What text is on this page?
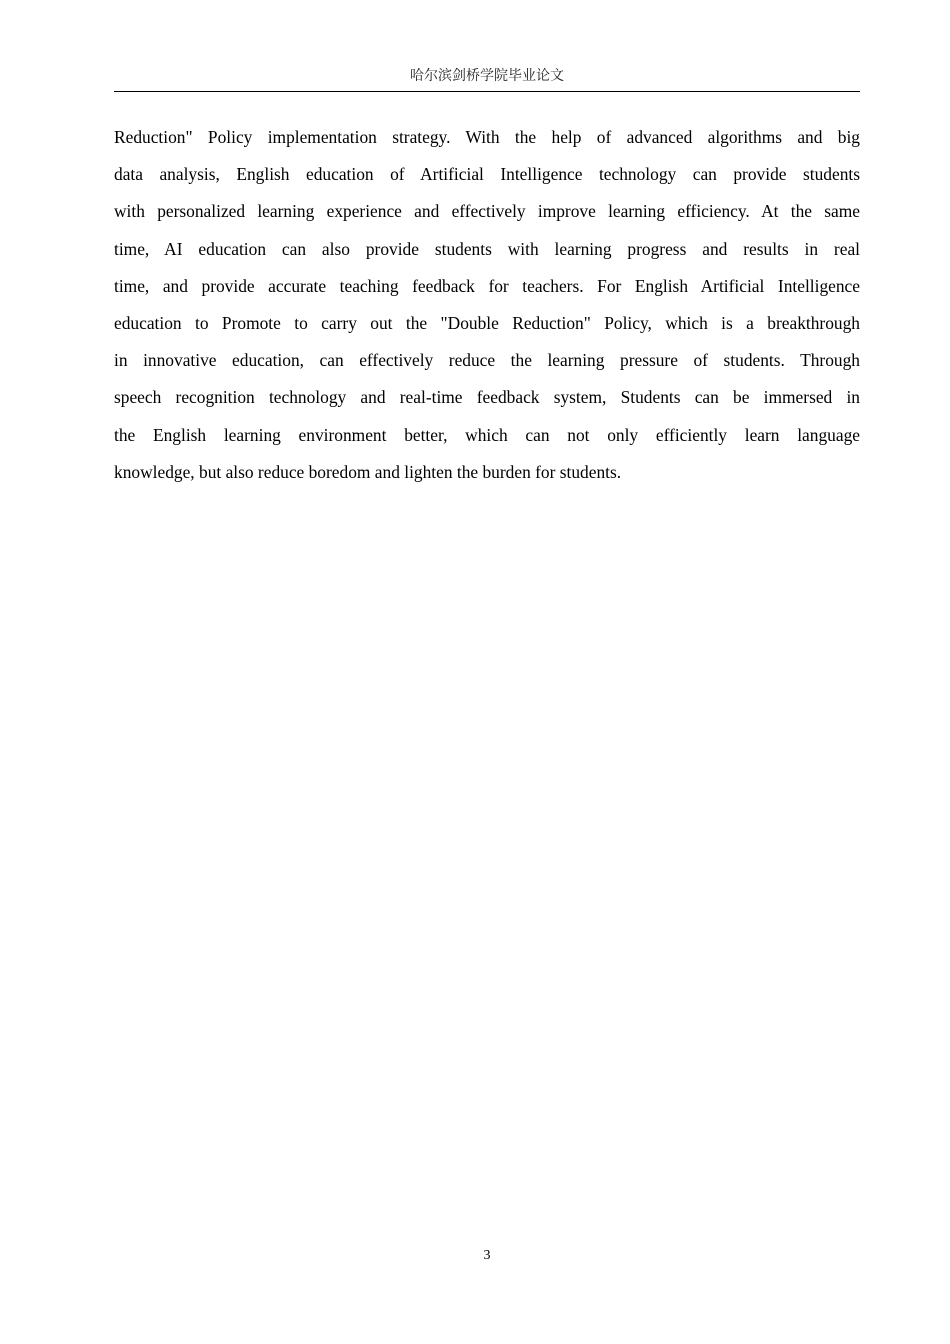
哈尔滨剑桥学院毕业论文
Reduction" Policy implementation strategy. With the help of advanced algorithms and big
data analysis, English education of Artificial Intelligence technology can provide students
with personalized learning experience and effectively improve learning efficiency. At the same
time, AI education can also provide students with learning progress and results in real
time, and provide accurate teaching feedback for teachers. For English Artificial Intelligence
education to Promote to carry out the "Double Reduction" Policy, which is a breakthrough
in innovative education, can effectively reduce the learning pressure of students. Through
speech recognition technology and real-time feedback system, Students can be immersed in
the English learning environment better, which can not only efficiently learn language
knowledge, but also reduce boredom and lighten the burden for students.
3
